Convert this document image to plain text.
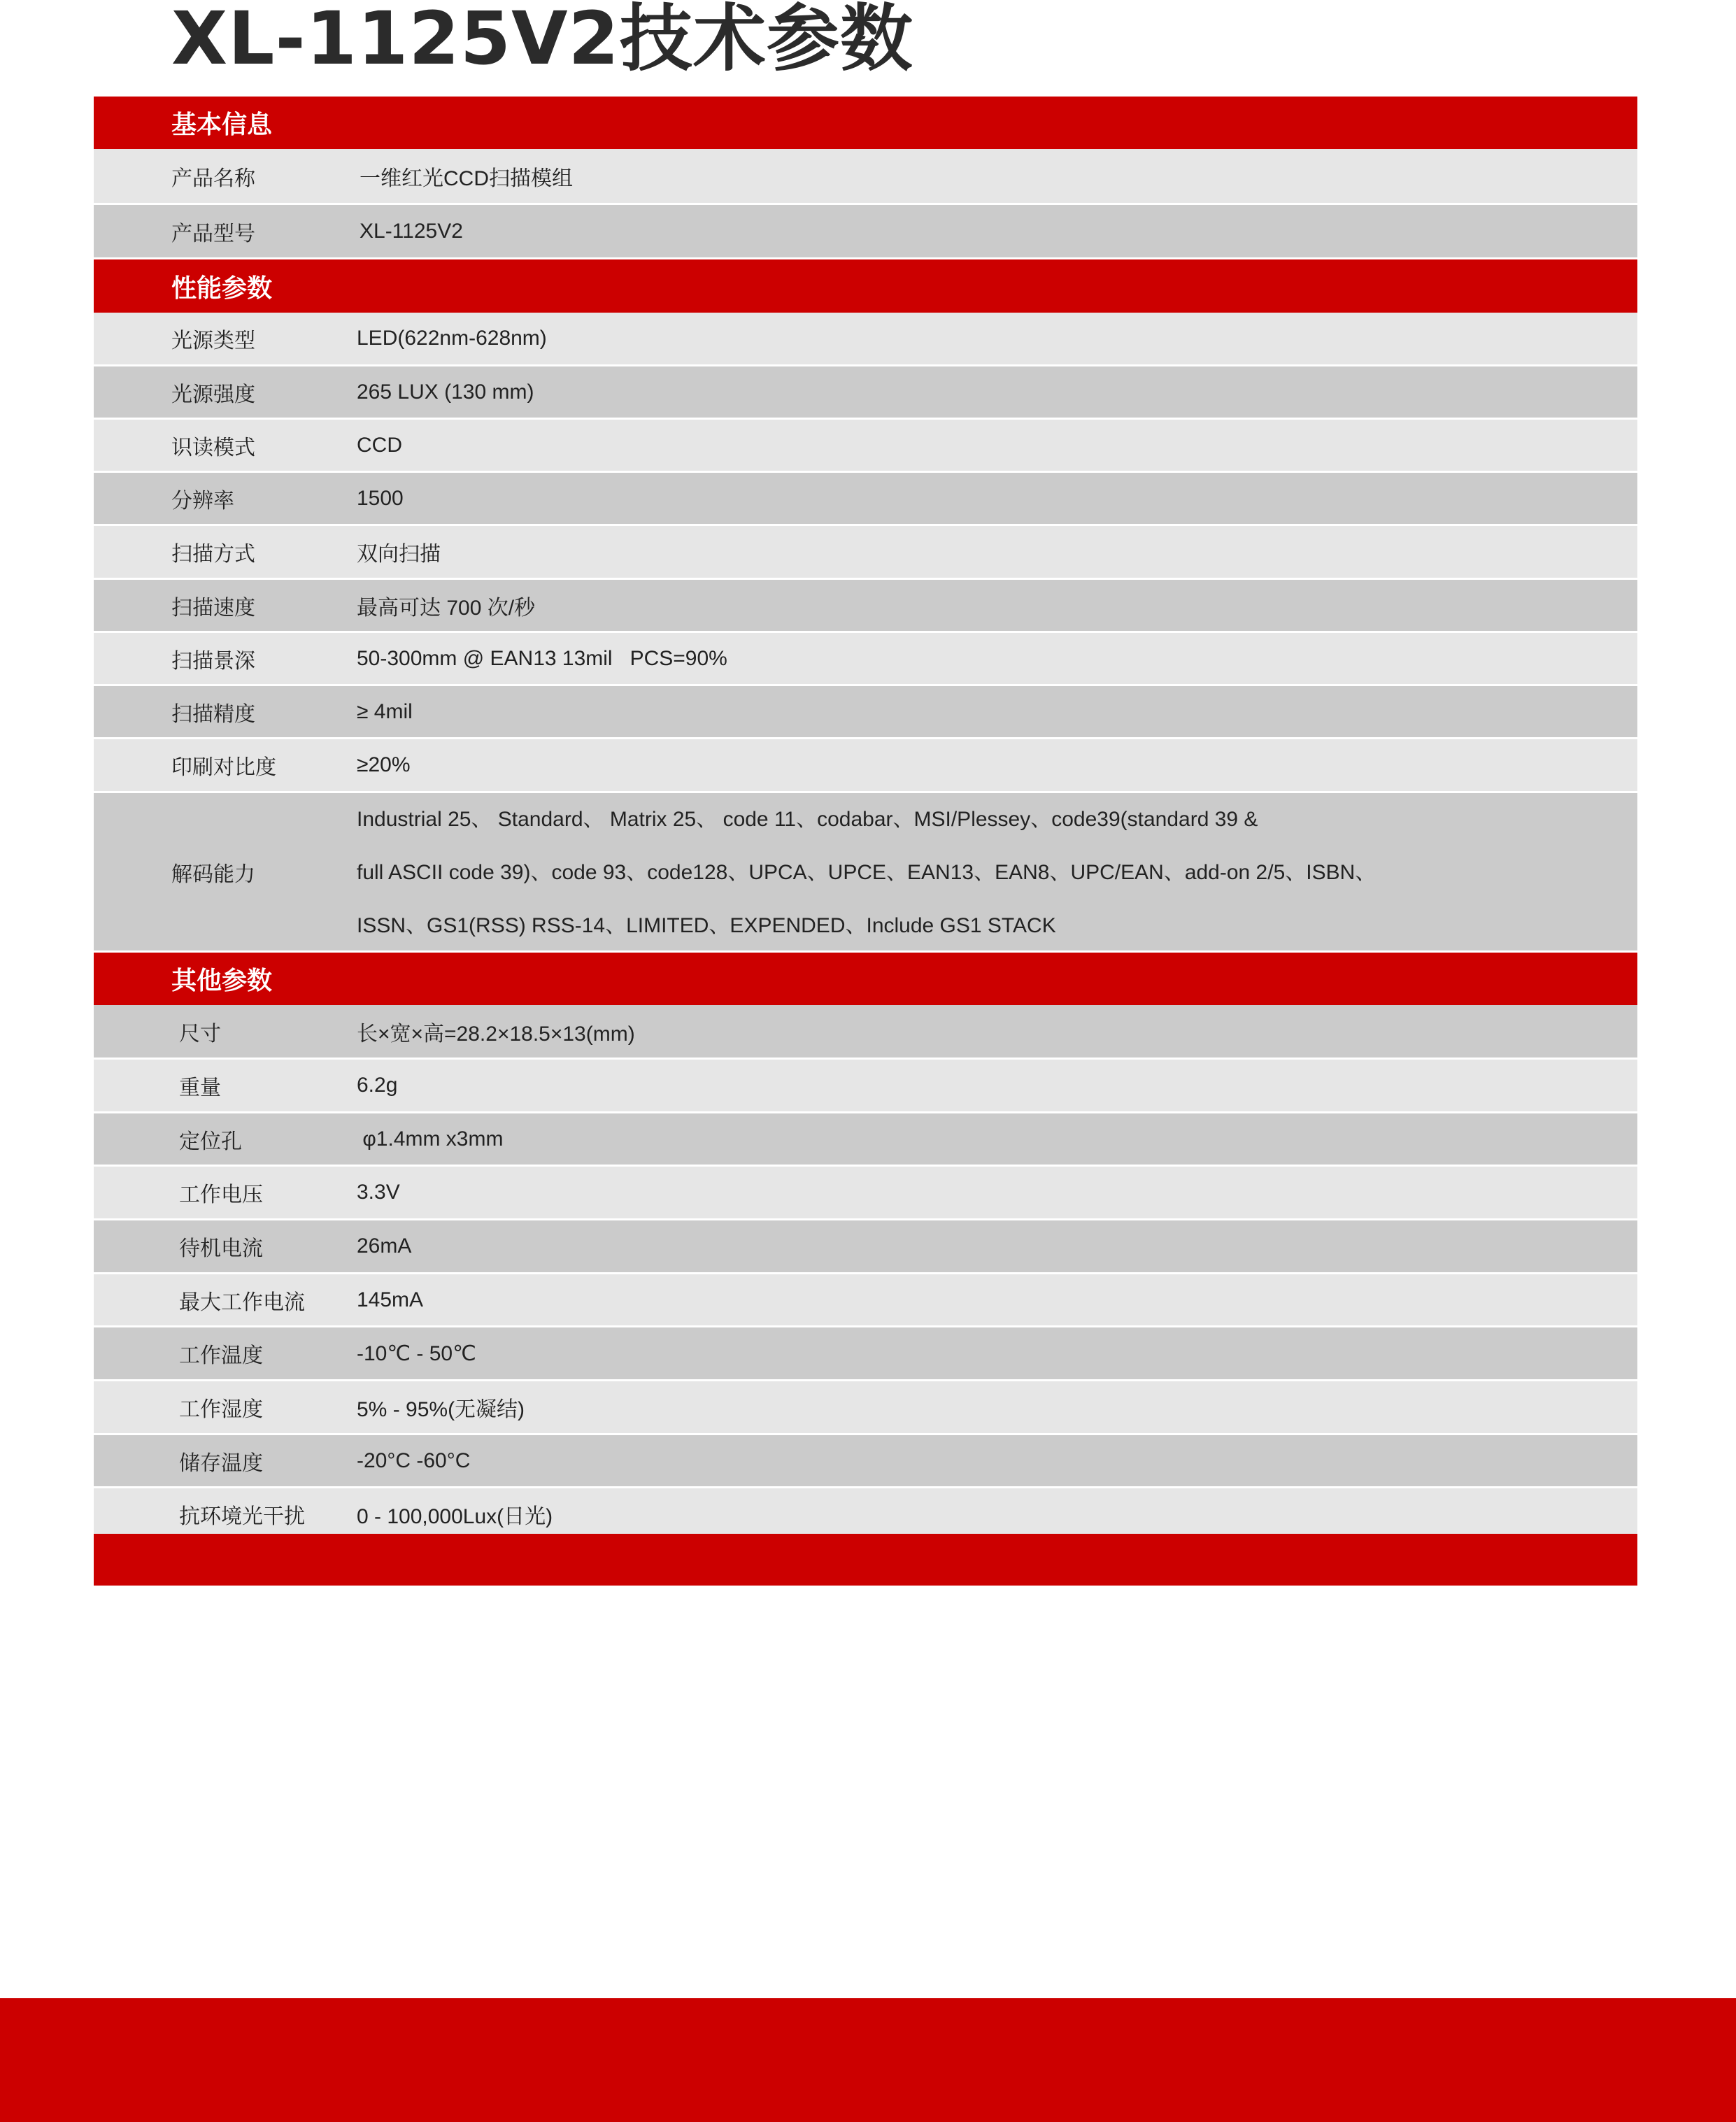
XL-1125V2技术参数
基本信息
产品名称	一维红光CCD扫描模组
产品型号	XL-1125V2
性能参数
光源类型	LED(622nm-628nm)
光源强度	265 LUX (130 mm)
识读模式	CCD
分辨率	1500
扫描方式	双向扫描
扫描速度	最高可达 700 次/秒
扫描景深	50-300mm @ EAN13 13mil   PCS=90%
扫描精度	≥ 4mil
印刷对比度	≥20%
解码能力
Industrial 25、 Standard、 Matrix 25、 code 11、codabar、MSI/Plessey、code39(standard 39 &
full ASCII code 39)、code 93、code128、UPCA、UPCE、EAN13、EAN8、UPC/EAN、add-on 2/5、ISBN、
ISSN、GS1(RSS) RSS-14、LIMITED、EXPENDED、Include GS1 STACK
其他参数
尺寸	长×宽×高=28.2×18.5×13(mm)
重量	6.2g
定位孔	φ1.4mm x3mm
工作电压	3.3V
待机电流	26mA
最大工作电流 145mA
工作温度	-10℃ - 50℃
工作湿度	5% - 95%(无凝结)
储存温度	-20°C -60°C
抗环境光干扰 0 - 100,000Lux(日光)
